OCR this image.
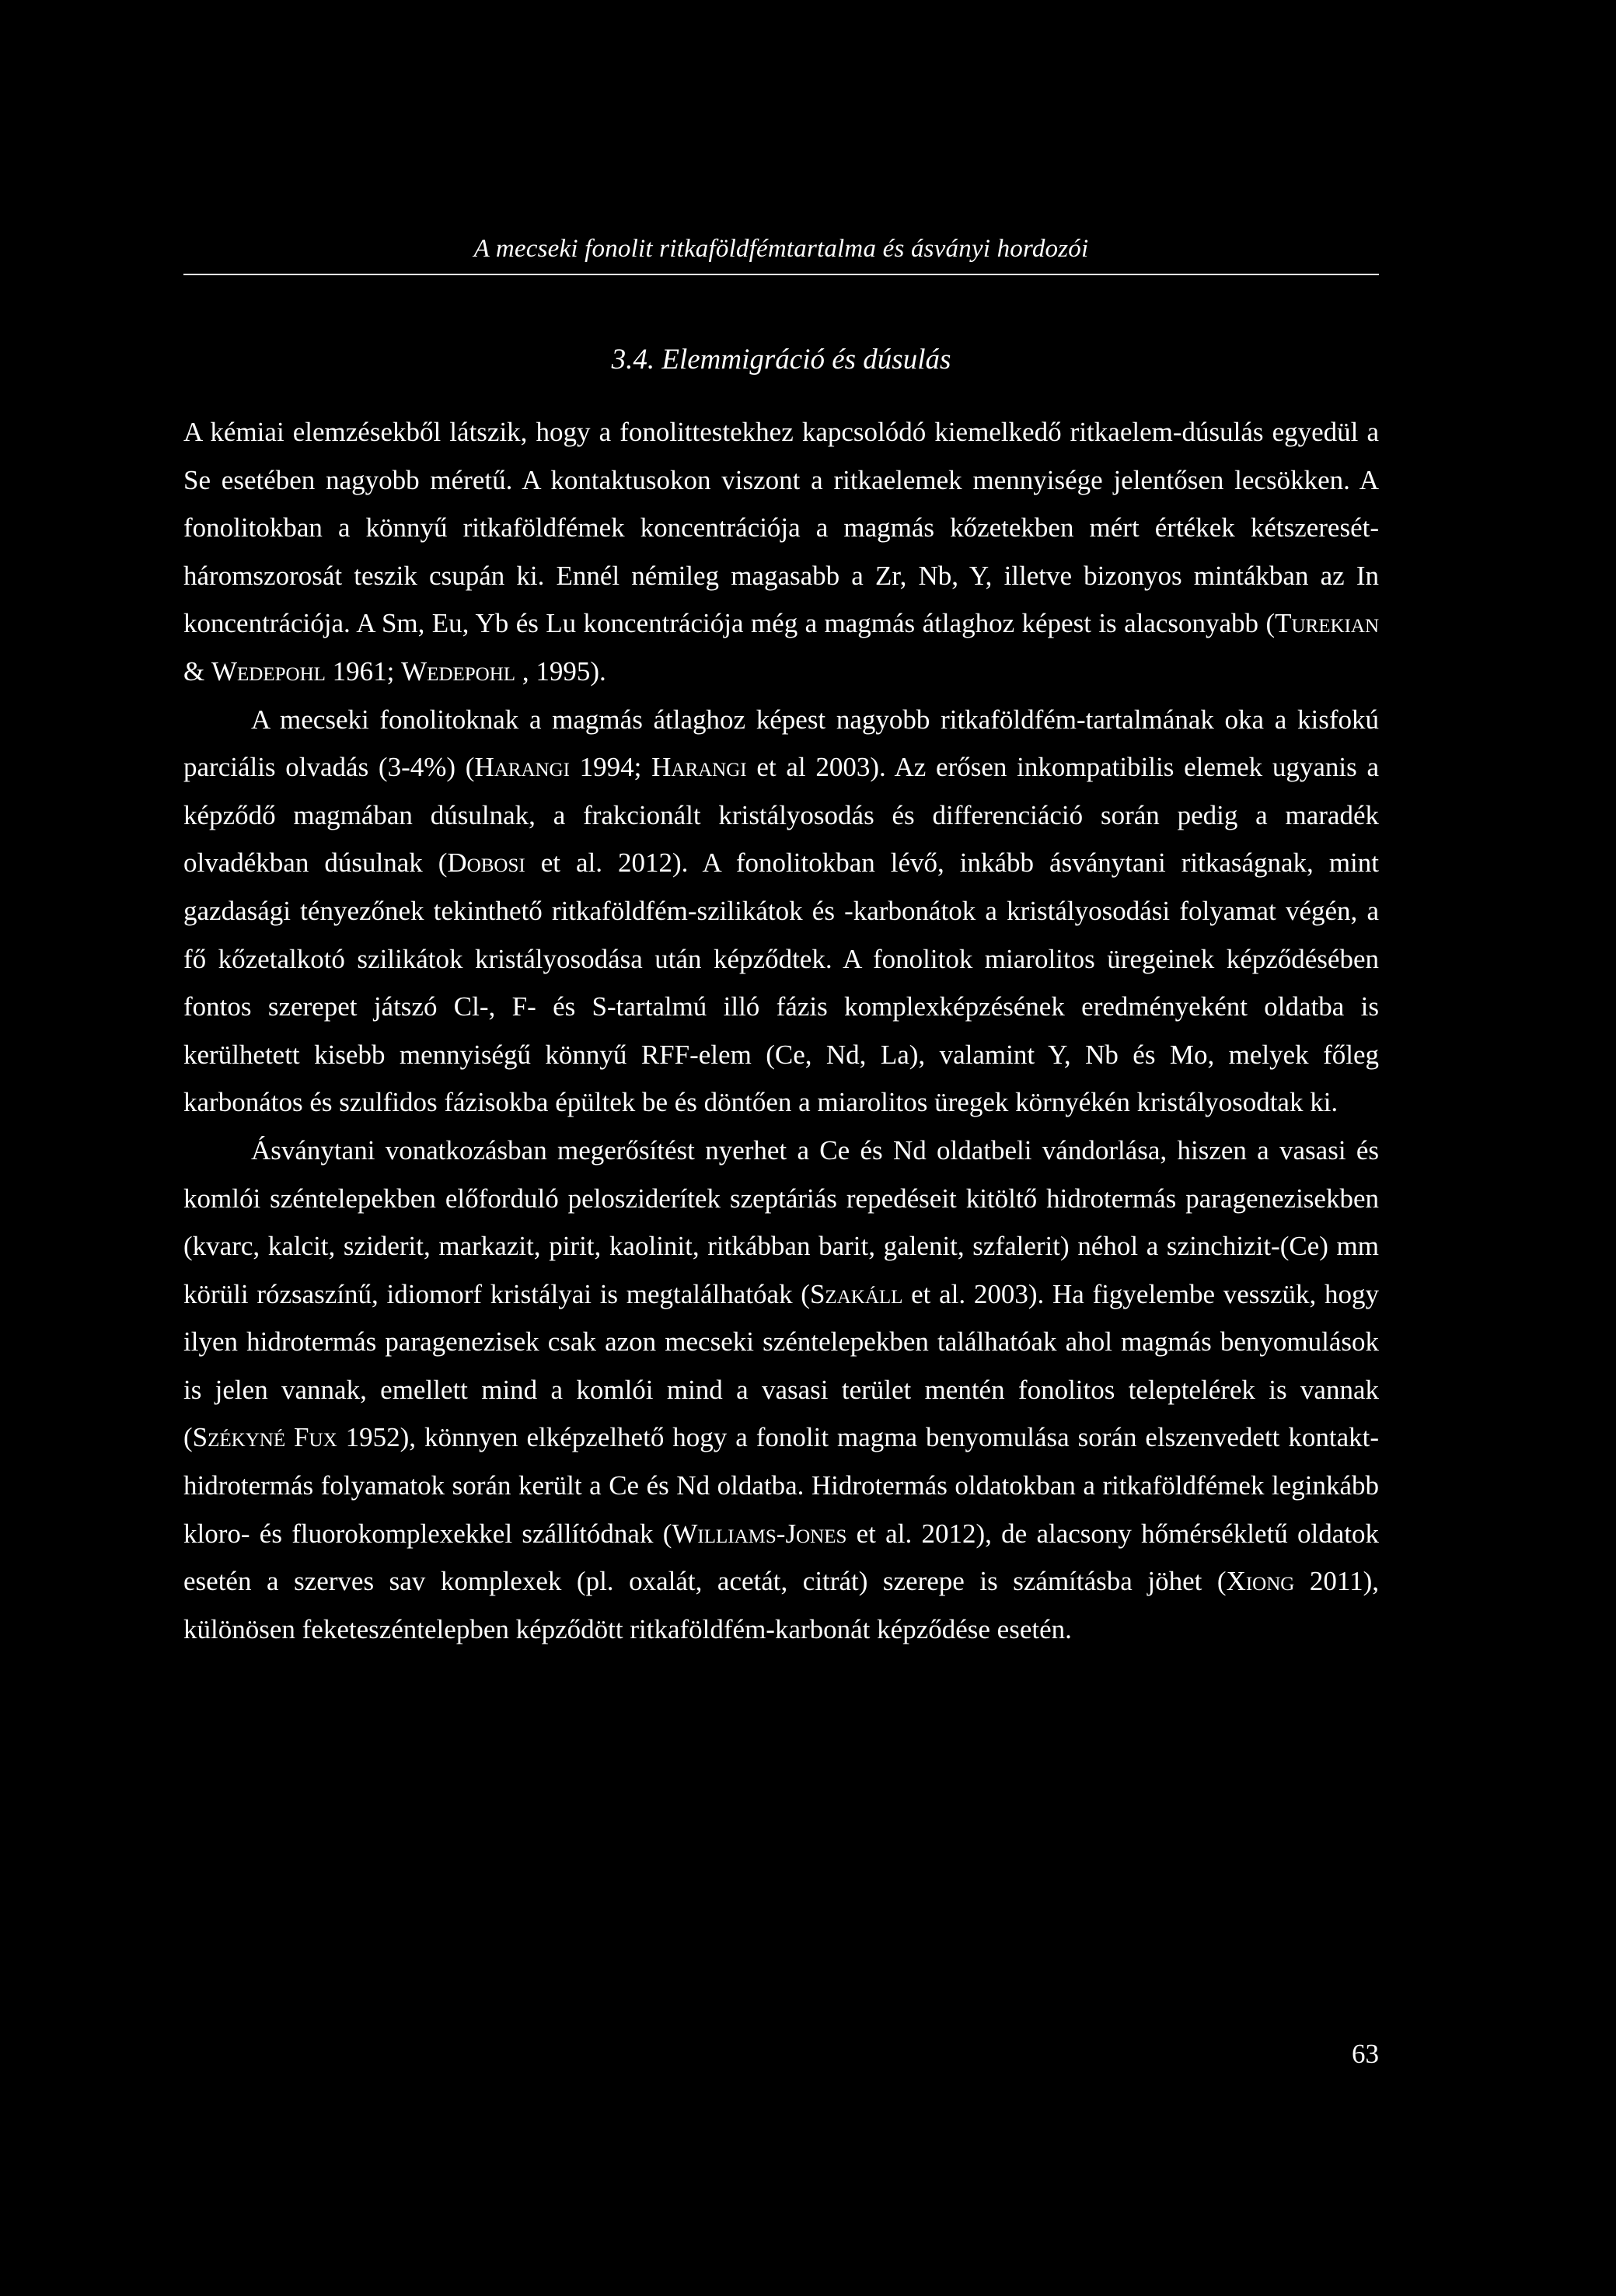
A mecseki fonolit ritkaföldfémtartalma és ásványi hordozói
3.4. Elemmigráció és dúsulás

A kémiai elemzésekből látszik, hogy a fonolittestekhez kapcsolódó kiemelkedő ritkaelem-dúsulás egyedül a Se esetében nagyobb méretű. A kontaktusokon viszont a ritkaelemek mennyisége jelentősen lecsökken. A fonolitokban a könnyű ritkaföldfémek koncentrációja a magmás kőzetekben mért értékek kétszeresét-háromszorosát teszik csupán ki. Ennél némileg magasabb a Zr, Nb, Y, illetve bizonyos mintákban az In koncentrációja. A Sm, Eu, Yb és Lu koncentrációja még a magmás átlaghoz képest is alacsonyabb (Turekian & Wedepohl 1961; Wedepohl , 1995).

A mecseki fonolitoknak a magmás átlaghoz képest nagyobb ritkaföldfém-tartalmának oka a kisfokú parciális olvadás (3-4%) (Harangi 1994; Harangi et al 2003). Az erősen inkompatibilis elemek ugyanis a képződő magmában dúsulnak, a frakcionált kristályosodás és differenciáció során pedig a maradék olvadékban dúsulnak (Dobosi et al. 2012). A fonolitokban lévő, inkább ásványtani ritkaságnak, mint gazdasági tényezőnek tekinthető ritkaföldfém-szilikátok és -karbonátok a kristályosodási folyamat végén, a fő kőzetalkotó szilikátok kristályosodása után képződtek. A fonolitok miarolitos üregeinek képződésében fontos szerepet játszó Cl-, F- és S-tartalmú illó fázis komplexképzésének eredményeként oldatba is kerülhetett kisebb mennyiségű könnyű RFF-elem (Ce, Nd, La), valamint Y, Nb és Mo, melyek főleg karbonátos és szulfidos fázisokba épültek be és döntően a miarolitos üregek környékén kristályosodtak ki.

Ásványtani vonatkozásban megerősítést nyerhet a Ce és Nd oldatbeli vándorlása, hiszen a vasasi és komlói széntelepekben előforduló pelosziderítek szeptáriás repedéseit kitöltő hidrotermás paragenezisekben (kvarc, kalcit, sziderit, markazit, pirit, kaolinit, ritkábban barit, galenit, szfalerit) néhol a szinchizit-(Ce) mm körüli rózsaszínű, idiomorf kristályai is megtalálhatóak (Szakáll et al. 2003). Ha figyelembe vesszük, hogy ilyen hidrotermás paragenezisek csak azon mecseki széntelepekben találhatóak ahol magmás benyomulások is jelen vannak, emellett mind a komlói mind a vasasi terület mentén fonolitos teleptelérek is vannak (Székyné Fux 1952), könnyen elképzelhető hogy a fonolit magma benyomulása során elszenvedett kontakt-hidrotermás folyamatok során került a Ce és Nd oldatba. Hidrotermás oldatokban a ritkaföldfémek leginkább kloro- és fluorokomplexekkel szállítódnak (Williams-Jones et al. 2012), de alacsony hőmérsékletű oldatok esetén a szerves sav komplexek (pl. oxalát, acetát, citrát) szerepe is számításba jöhet (Xiong 2011), különösen feketeszéntelepben képződött ritkaföldfém-karbonát képződése esetén.

63
